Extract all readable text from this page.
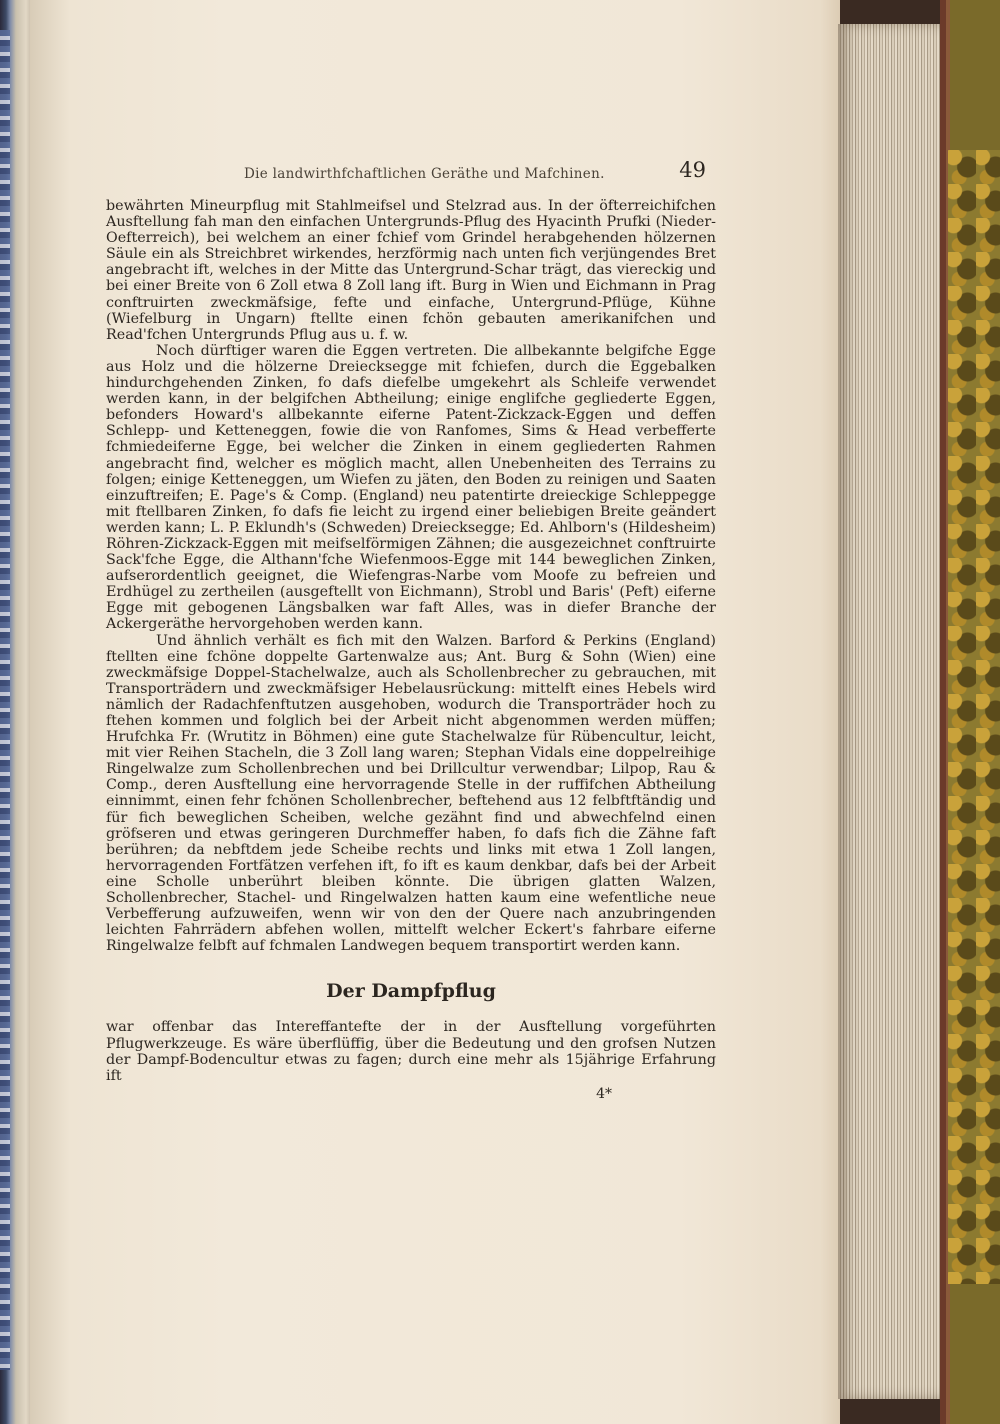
Die landwirthfchaftlichen Geräthe und Mafchinen.	49

bewährten Mineurpflug mit Stahlmeifsel und Stelzrad aus. In der öfterreichifchen Ausftellung fah man den einfachen Untergrunds-Pflug des Hyacinth Prufki (Nieder-Oefterreich), bei welchem an einer fchief vom Grindel herabgehenden hölzernen Säule ein als Streichbret wirkendes, herzförmig nach unten fich verjüngendes Bret angebracht ift, welches in der Mitte das Untergrund-Schar trägt, das viereckig und bei einer Breite von 6 Zoll etwa 8 Zoll lang ift. Burg in Wien und Eichmann in Prag conftruirten zweckmäfsige, fefte und einfache, Untergrund-Pflüge, Kühne (Wiefelburg in Ungarn) ftellte einen fchön gebauten amerikanifchen und Read'fchen Untergrunds Pflug aus u. f. w.

Noch dürftiger waren die Eggen vertreten. Die allbekannte belgifche Egge aus Holz und die hölzerne Dreiecksegge mit fchiefen, durch die Eggebalken hindurchgehenden Zinken, fo dafs diefelbe umgekehrt als Schleife verwendet werden kann, in der belgifchen Abtheilung; einige englifche gegliederte Eggen, befonders Howard's allbekannte eiferne Patent-Zickzack-Eggen und deffen Schlepp- und Ketteneggen, fowie die von Ranfomes, Sims & Head verbefferte fchmiedeiferne Egge, bei welcher die Zinken in einem gegliederten Rahmen angebracht find, welcher es möglich macht, allen Unebenheiten des Terrains zu folgen; einige Ketteneggen, um Wiefen zu jäten, den Boden zu reinigen und Saaten einzuftreifen; E. Page's & Comp. (England) neu patentirte dreieckige Schleppegge mit ftellbaren Zinken, fo dafs fie leicht zu irgend einer beliebigen Breite geändert werden kann; L. P. Eklundh's (Schweden) Dreiecksegge; Ed. Ahlborn's (Hildesheim) Röhren-Zickzack-Eggen mit meifselförmigen Zähnen; die ausgezeichnet conftruirte Sack'fche Egge, die Althann'fche Wiefenmoos-Egge mit 144 beweglichen Zinken, aufserordentlich geeignet, die Wiefengras-Narbe vom Moofe zu befreien und Erdhügel zu zertheilen (ausgeftellt von Eichmann), Strobl und Baris' (Peft) eiferne Egge mit gebogenen Längsbalken war faft Alles, was in diefer Branche der Ackergeräthe hervorgehoben werden kann.

Und ähnlich verhält es fich mit den Walzen. Barford & Perkins (England) ftellten eine fchöne doppelte Gartenwalze aus; Ant. Burg & Sohn (Wien) eine zweckmäfsige Doppel-Stachelwalze, auch als Schollenbrecher zu gebrauchen, mit Transporträdern und zweckmäfsiger Hebelausrückung: mittelft eines Hebels wird nämlich der Radachfenftutzen ausgehoben, wodurch die Transporträder hoch zu ftehen kommen und folglich bei der Arbeit nicht abgenommen werden müffen; Hrufchka Fr. (Wrutitz in Böhmen) eine gute Stachelwalze für Rübencultur, leicht, mit vier Reihen Stacheln, die 3 Zoll lang waren; Stephan Vidals eine doppelreihige Ringelwalze zum Schollenbrechen und bei Drillcultur verwendbar; Lilpop, Rau & Comp., deren Ausftellung eine hervorragende Stelle in der ruffifchen Abtheilung einnimmt, einen fehr fchönen Schollenbrecher, beftehend aus 12 felbftftändig und für fich beweglichen Scheiben, welche gezähnt find und abwechfelnd einen gröfseren und etwas geringeren Durchmeffer haben, fo dafs fich die Zähne faft berühren; da nebftdem jede Scheibe rechts und links mit etwa 1 Zoll langen, hervorragenden Fortfätzen verfehen ift, fo ift es kaum denkbar, dafs bei der Arbeit eine Scholle unberührt bleiben könnte. Die übrigen glatten Walzen, Schollenbrecher, Stachel- und Ringelwalzen hatten kaum eine wefentliche neue Verbefferung aufzuweifen, wenn wir von den der Quere nach anzubringenden leichten Fahrrädern abfehen wollen, mittelft welcher Eckert's fahrbare eiferne Ringelwalze felbft auf fchmalen Landwegen bequem transportirt werden kann.

Der Dampfpflug

war offenbar das Intereffantefte der in der Ausftellung vorgeführten Pflugwerkzeuge. Es wäre überflüffig, über die Bedeutung und den grofsen Nutzen der Dampf-Bodencultur etwas zu fagen; durch eine mehr als 15jährige Erfahrung ift

4*
